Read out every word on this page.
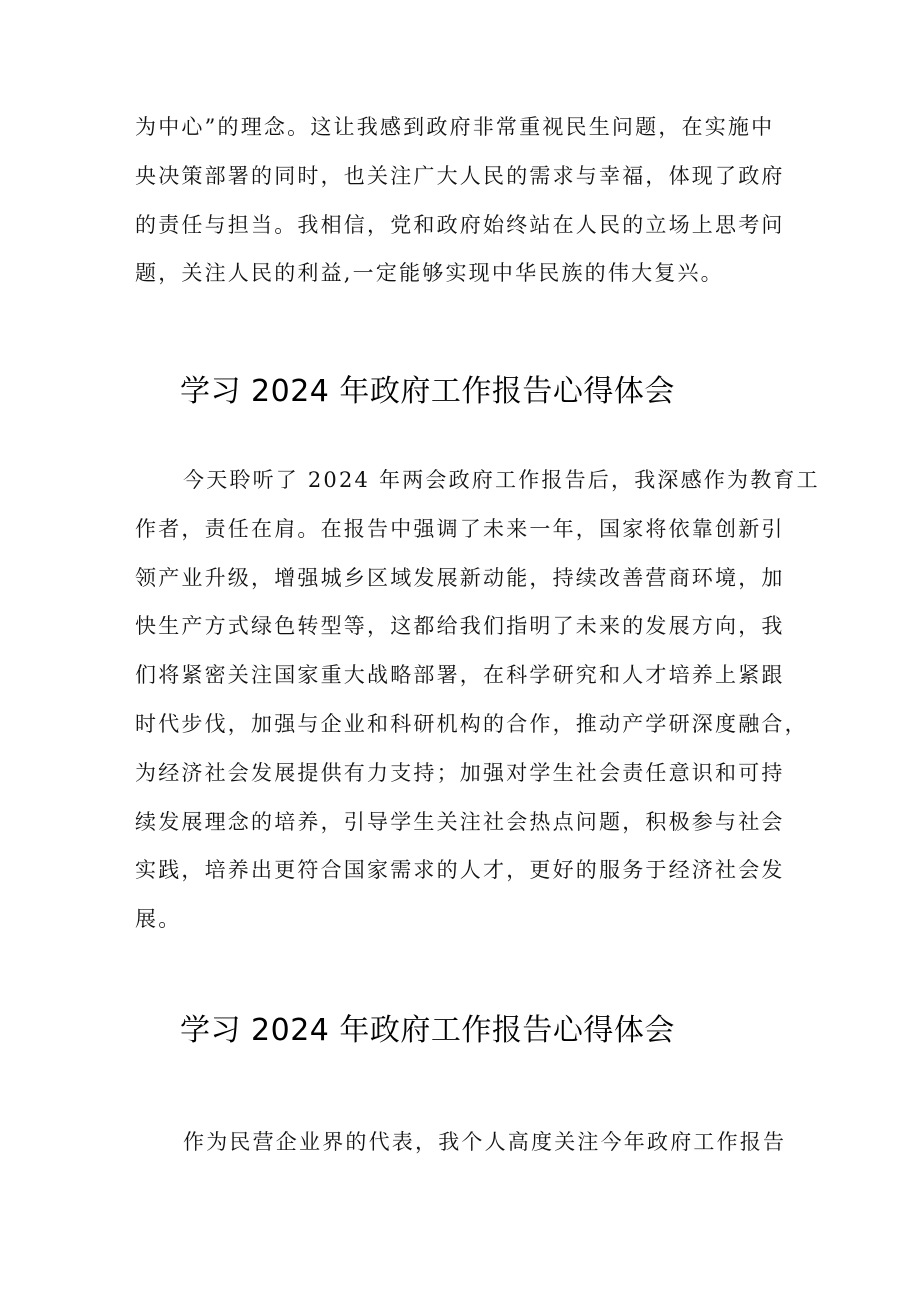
为中心”的理念。这让我感到政府非常重视民生问题，在实施中
央决策部署的同时，也关注广大人民的需求与幸福，体现了政府
的责任与担当。我相信，党和政府始终站在人民的立场上思考问
题，关注人民的利益,一定能够实现中华民族的伟大复兴。

学习 2024 年政府工作报告心得体会

今天聆听了 2024 年两会政府工作报告后，我深感作为教育工
作者，责任在肩。在报告中强调了未来一年，国家将依靠创新引
领产业升级，增强城乡区域发展新动能，持续改善营商环境，加
快生产方式绿色转型等，这都给我们指明了未来的发展方向，我
们将紧密关注国家重大战略部署，在科学研究和人才培养上紧跟
时代步伐，加强与企业和科研机构的合作，推动产学研深度融合，
为经济社会发展提供有力支持；加强对学生社会责任意识和可持
续发展理念的培养，引导学生关注社会热点问题，积极参与社会
实践，培养出更符合国家需求的人才，更好的服务于经济社会发
展。

学习 2024 年政府工作报告心得体会

作为民营企业界的代表，我个人高度关注今年政府工作报告
